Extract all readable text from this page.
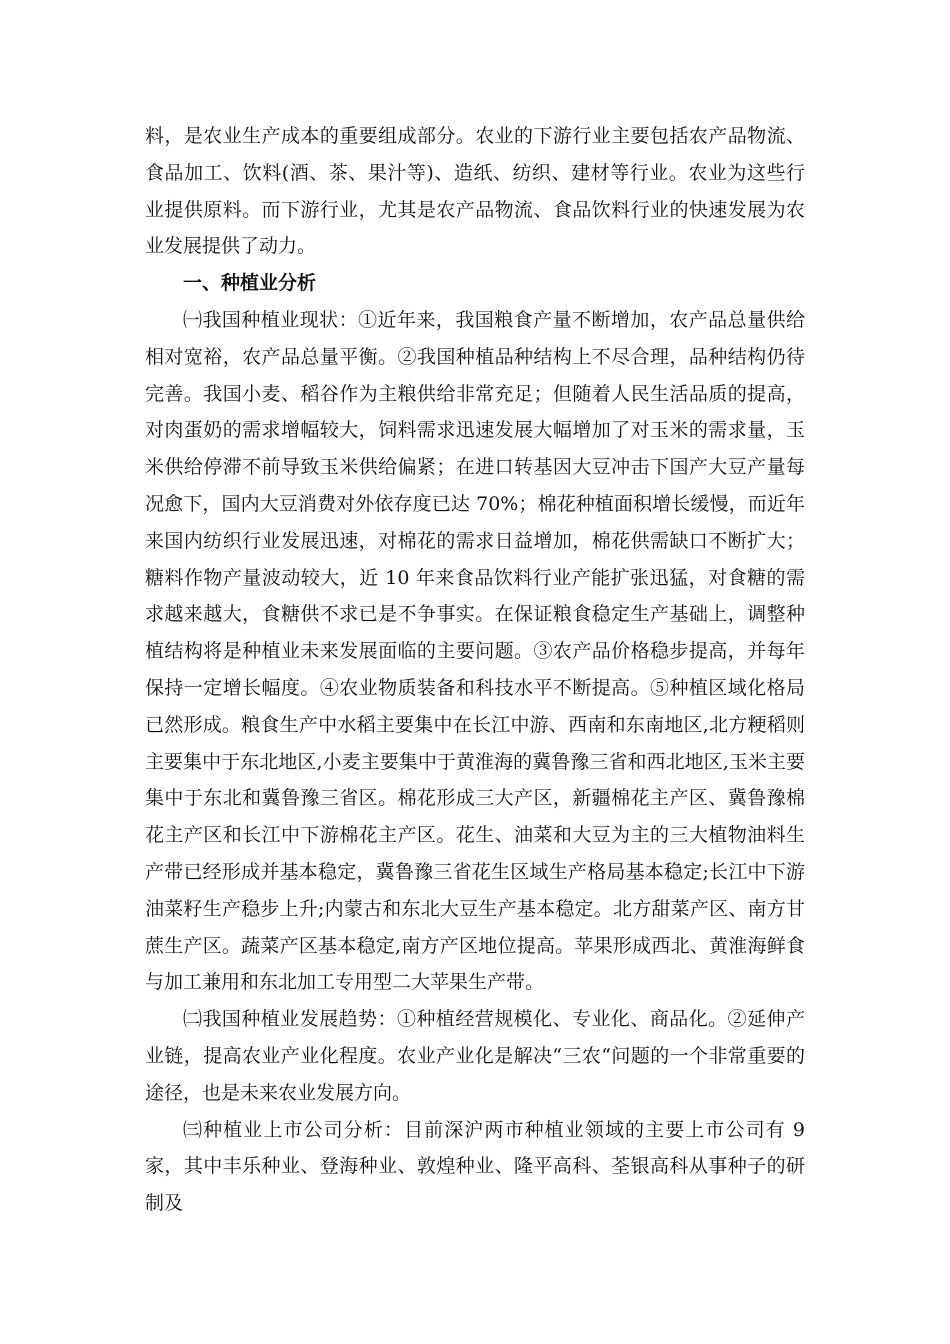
料，是农业生产成本的重要组成部分。农业的下游行业主要包括农产品物流、食品加工、饮料(酒、茶、果汁等)、造纸、纺织、建材等行业。农业为这些行业提供原料。而下游行业，尤其是农产品物流、食品饮料行业的快速发展为农业发展提供了动力。

一、种植业分析

㈠我国种植业现状：①近年来，我国粮食产量不断增加，农产品总量供给相对宽裕，农产品总量平衡。②我国种植品种结构上不尽合理，品种结构仍待完善。我国小麦、稻谷作为主粮供给非常充足；但随着人民生活品质的提高，对肉蛋奶的需求增幅较大，饲料需求迅速发展大幅增加了对玉米的需求量，玉米供给停滞不前导致玉米供给偏紧；在进口转基因大豆冲击下国产大豆产量每况愈下，国内大豆消费对外依存度已达 70%；棉花种植面积增长缓慢，而近年来国内纺织行业发展迅速，对棉花的需求日益增加，棉花供需缺口不断扩大；糖料作物产量波动较大，近 10 年来食品饮料行业产能扩张迅猛，对食糖的需求越来越大，食糖供不求已是不争事实。在保证粮食稳定生产基础上，调整种植结构将是种植业未来发展面临的主要问题。③农产品价格稳步提高，并每年保持一定增长幅度。④农业物质装备和科技水平不断提高。⑤种植区域化格局已然形成。粮食生产中水稻主要集中在长江中游、西南和东南地区,北方粳稻则主要集中于东北地区,小麦主要集中于黄淮海的冀鲁豫三省和西北地区,玉米主要集中于东北和冀鲁豫三省区。棉花形成三大产区，新疆棉花主产区、冀鲁豫棉花主产区和长江中下游棉花主产区。花生、油菜和大豆为主的三大植物油料生产带已经形成并基本稳定，冀鲁豫三省花生区域生产格局基本稳定;长江中下游油菜籽生产稳步上升;内蒙古和东北大豆生产基本稳定。北方甜菜产区、南方甘蔗生产区。蔬菜产区基本稳定,南方产区地位提高。苹果形成西北、黄淮海鲜食与加工兼用和东北加工专用型二大苹果生产带。

㈡我国种植业发展趋势：①种植经营规模化、专业化、商品化。②延伸产业链，提高农业产业化程度。农业产业化是解决“三农“问题的一个非常重要的途径，也是未来农业发展方向。

㈢种植业上市公司分析：目前深沪两市种植业领域的主要上市公司有 9 家，其中丰乐种业、登海种业、敦煌种业、隆平高科、荃银高科从事种子的研制及
